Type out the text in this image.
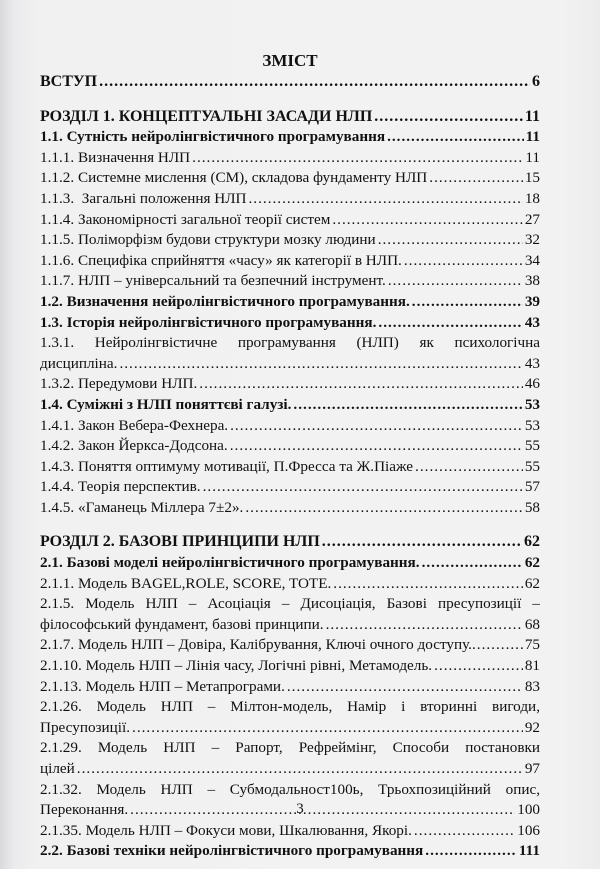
ЗМІСТ
ВСТУП .....	6
РОЗДІЛ 1. КОНЦЕПТУАЛЬНІ ЗАСАДИ НЛП .....	11
1.1. Сутність нейролінгвістичного програмування .....	11
1.1.1. Визначення НЛП .....	11
1.1.2. Системне мислення (СМ), складова фундаменту НЛП .....	15
1.1.3.  Загальні положення НЛП .....	18
1.1.4. Закономірності загальної теорії систем .....	27
1.1.5. Поліморфізм будови структури мозку людини .....	32
1.1.6. Специфіка сприйняття «часу» як категорії в НЛП. .....	34
1.1.7. НЛП – універсальний та безпечний інструмент. .....	38
1.2. Визначення нейролінгвістичного програмування. .....	39
1.3. Історія нейролінгвістичного програмування. .....	43
1.3.1. Нейролінгвістичне програмування (НЛП) як психологічна
дисципліна. .....	43
1.3.2. Передумови НЛП. .....	46
1.4. Суміжні з НЛП поняттєві галузі. .....	53
1.4.1. Закон Вебера-Фехнера. .....	53
1.4.2. Закон Йеркса-Додсона. .....	55
1.4.3. Поняття оптимуму мотивації, П.Фресса та Ж.Піаже .....	55
1.4.4. Теорія перспектив. .....	57
1.4.5. «Гаманець Міллера 7±2». .....	58
РОЗДІЛ 2. БАЗОВІ ПРИНЦИПИ НЛП .....	62
2.1. Базові моделі нейролінгвістичного програмування. .....	62
2.1.1. Модель BAGEL,ROLE, SCORE, TOTE. .....	62
2.1.5. Модель НЛП – Асоціація – Дисоціація, Базові пресупозиції –
філософський фундамент, базові принципи. .....	68
2.1.7. Модель НЛП – Довіра, Калібрування, Ключі очного доступу. .....	75
2.1.10. Модель НЛП – Лінія часу, Логічні рівні, Метамодель. .....	81
2.1.13. Модель НЛП – Метапрограми. .....	83
2.1.26. Модель НЛП – Мілтон-модель, Намір і вторинні вигоди,
Пресупозиції. .....	92
2.1.29. Модель НЛП – Рапорт, Рефреймінг, Способи постановки
цілей .....	97
2.1.32. Модель НЛП – Субмодальност100ь, Трьохпозиційний опис,
Переконання. .....	100
2.1.35. Модель НЛП – Фокуси мови, Шкалювання, Якорі. .....	106
2.2. Базові техніки нейролінгвістичного програмування .....	111
3
